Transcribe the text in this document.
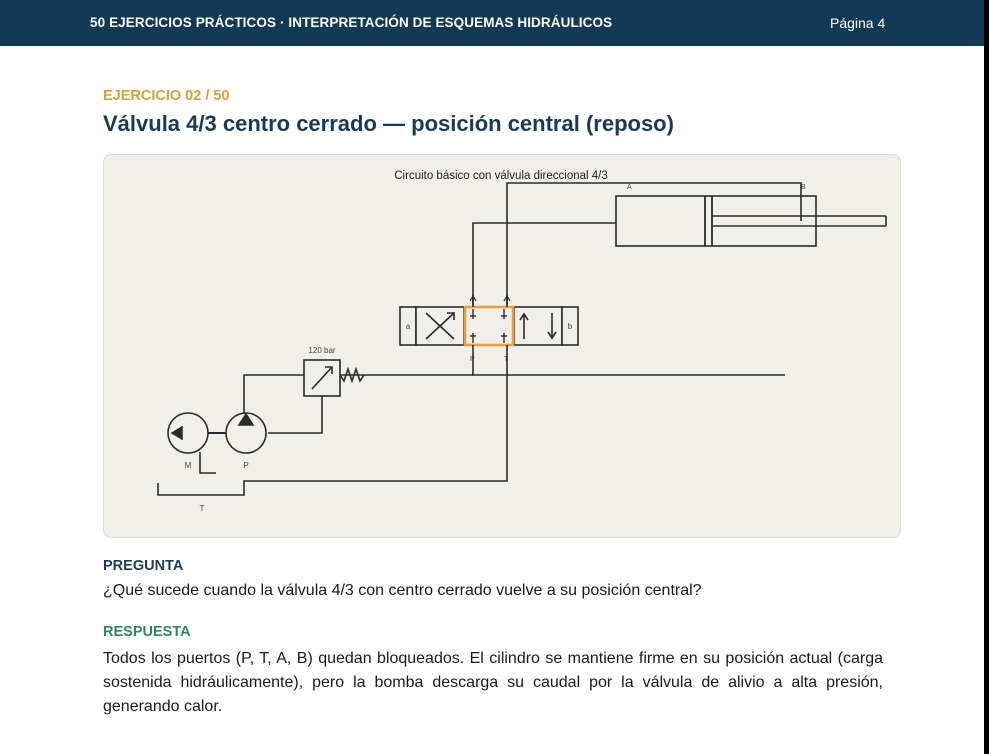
50 EJERCICIOS PRÁCTICOS · INTERPRETACIÓN DE ESQUEMAS HIDRÁULICOS	Página 4
EJERCICIO 02 / 50
Válvula 4/3 centro cerrado — posición central (reposo)
Circuito básico con válvula direccional 4/3
A	B
a	b
P	T
120 bar
M	P
T
PREGUNTA
¿Qué sucede cuando la válvula 4/3 con centro cerrado vuelve a su posición central?
RESPUESTA
Todos los puertos (P, T, A, B) quedan bloqueados. El cilindro se mantiene firme en su posición actual (carga sostenida hidráulicamente), pero la bomba descarga su caudal por la válvula de alivio a alta presión, generando calor.
